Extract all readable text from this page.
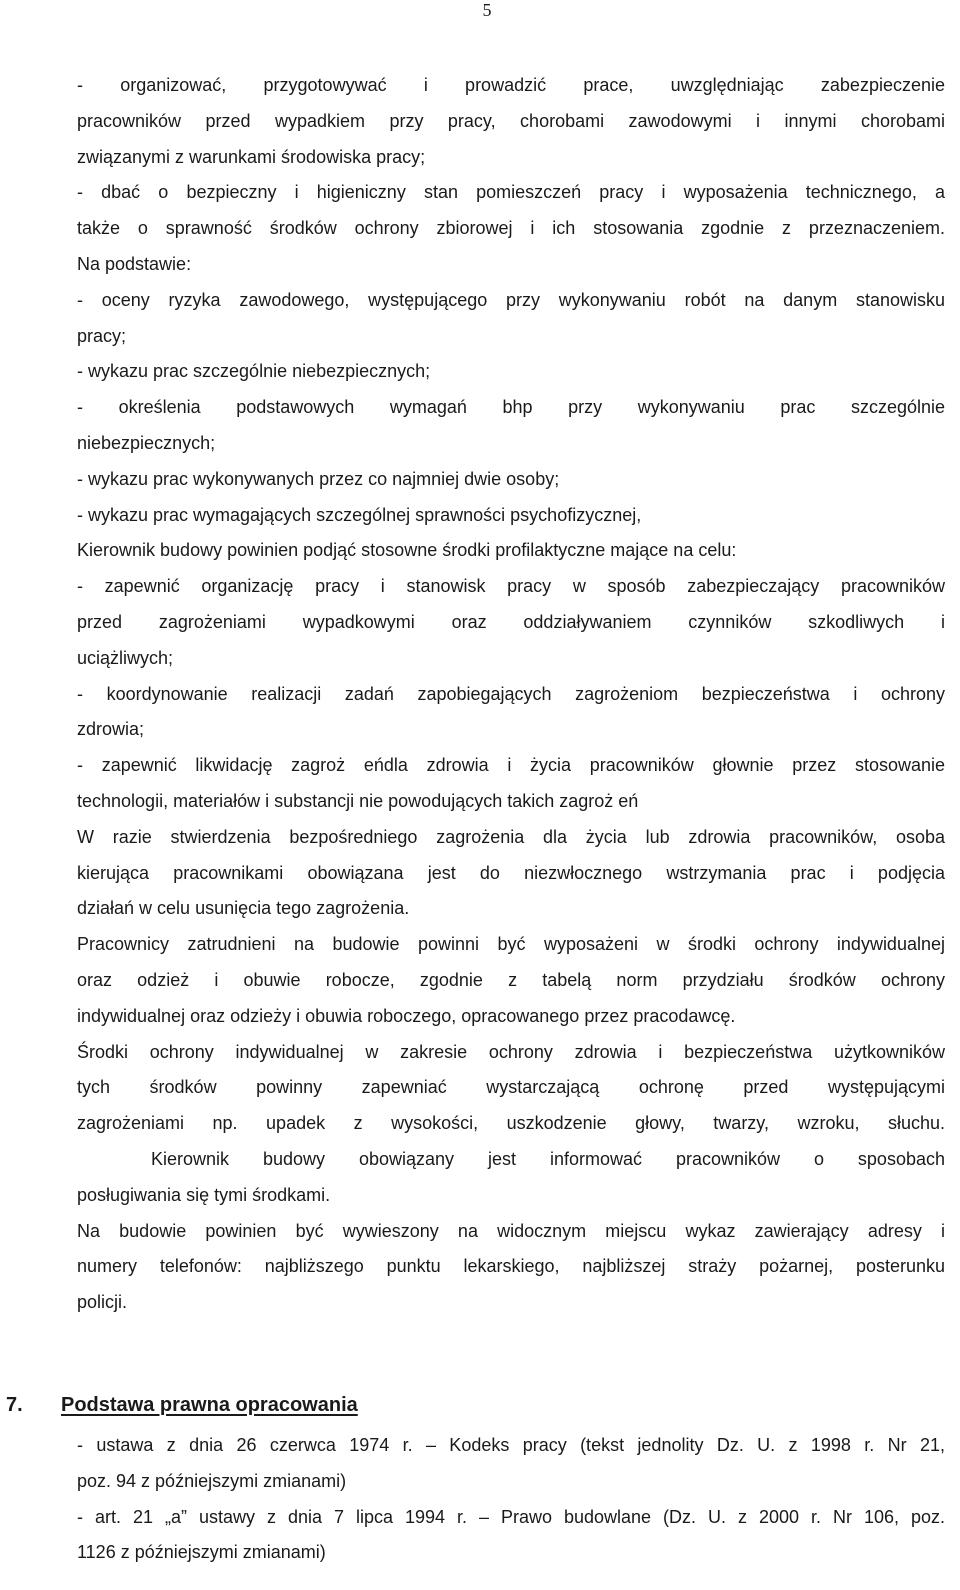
5
- organizować, przygotowywać i prowadzić prace, uwzględniając zabezpieczenie
pracowników przed wypadkiem przy pracy, chorobami zawodowymi i innymi chorobami
związanymi z warunkami środowiska pracy;
- dbać o bezpieczny i higieniczny stan pomieszczeń pracy i wyposażenia technicznego, a
także o sprawność środków ochrony zbiorowej i ich stosowania zgodnie z przeznaczeniem.
Na podstawie:
- oceny ryzyka zawodowego, występującego przy wykonywaniu robót na danym stanowisku
pracy;
- wykazu prac szczególnie niebezpiecznych;
- określenia podstawowych wymagań bhp przy wykonywaniu prac szczególnie
niebezpiecznych;
- wykazu prac wykonywanych przez co najmniej dwie osoby;
- wykazu prac wymagających szczególnej sprawności psychofizycznej,
Kierownik budowy powinien podjąć stosowne środki profilaktyczne mające na celu:
- zapewnić organizację pracy i stanowisk pracy w sposób zabezpieczający pracowników
przed zagrożeniami wypadkowymi oraz oddziaływaniem czynników szkodliwych i
uciążliwych;
- koordynowanie realizacji zadań zapobiegających zagrożeniom bezpieczeństwa i ochrony
zdrowia;
- zapewnić likwidację zagroż eńdla zdrowia i życia pracowników głownie przez stosowanie
technologii, materiałów i substancji nie powodujących takich zagroż eń
W razie stwierdzenia bezpośredniego zagrożenia dla życia lub zdrowia pracowników, osoba
kierująca pracownikami obowiązana jest do niezwłocznego wstrzymania prac i podjęcia
działań w celu usunięcia tego zagrożenia.
Pracownicy zatrudnieni na budowie powinni być wyposażeni w środki ochrony indywidualnej
oraz odzież i obuwie robocze, zgodnie z tabelą norm przydziału środków ochrony
indywidualnej oraz odzieży i obuwia roboczego, opracowanego przez pracodawcę.
Środki ochrony indywidualnej w zakresie ochrony zdrowia i bezpieczeństwa użytkowników
tych środków powinny zapewniać wystarczającą ochronę przed występującymi
zagrożeniami np. upadek z wysokości, uszkodzenie głowy, twarzy, wzroku, słuchu.
Kierownik budowy obowiązany jest informować pracowników o sposobach
posługiwania się tymi środkami.
Na budowie powinien być wywieszony na widocznym miejscu wykaz zawierający adresy i
numery telefonów: najbliższego punktu lekarskiego, najbliższej straży pożarnej, posterunku
policji.
7. Podstawa prawna opracowania
- ustawa z dnia 26 czerwca 1974 r. – Kodeks pracy (tekst jednolity Dz. U. z 1998 r. Nr 21,
poz. 94 z późniejszymi zmianami)
- art. 21 „a” ustawy z dnia 7 lipca 1994 r. – Prawo budowlane (Dz. U. z 2000 r. Nr 106, poz.
1126 z późniejszymi zmianami)
